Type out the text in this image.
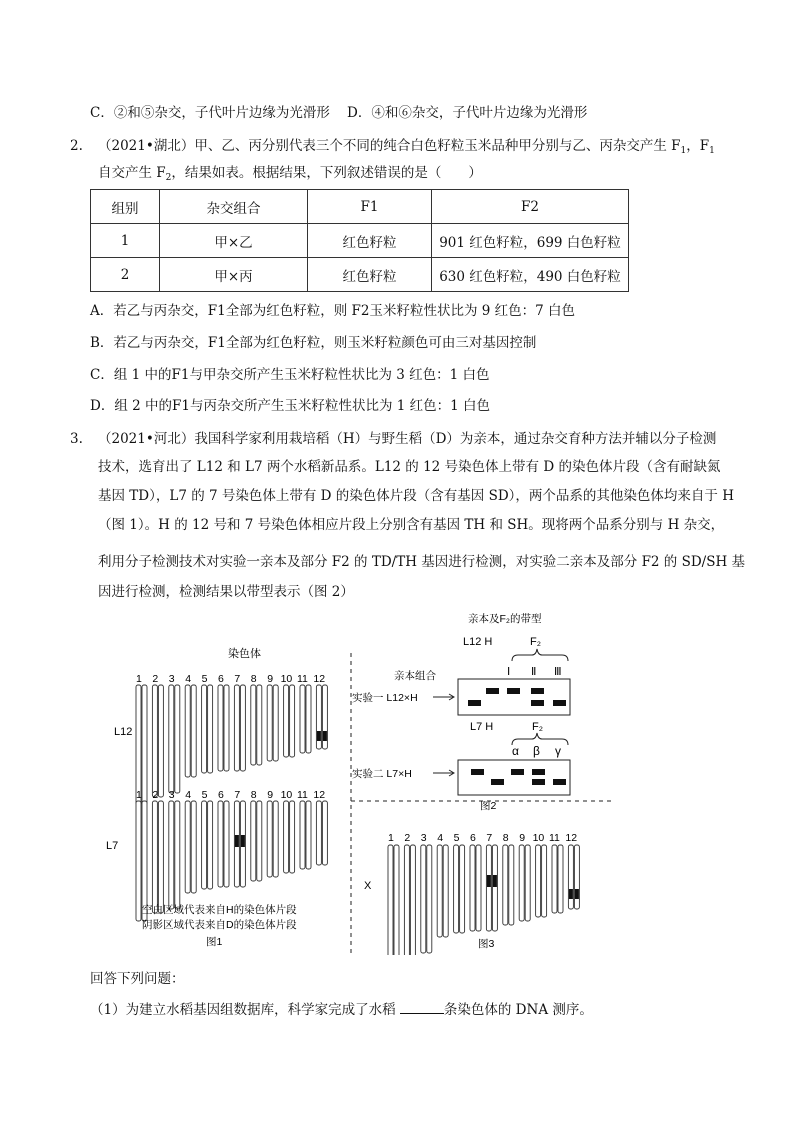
C．②和⑤杂交，子代叶片边缘为光滑形 D．④和⑥杂交，子代叶片边缘为光滑形
2. （2021•湖北）甲、乙、丙分别代表三个不同的纯合白色籽粒玉米品种甲分别与乙、丙杂交产生 $F_1$，$F_1$
自交产生 $F_2$，结果如表。根据结果，下列叙述错误的是（　　）
组别	杂交组合	F1	F2
1	甲×乙	红色籽粒	901 红色籽粒，699 白色籽粒
2	甲×丙	红色籽粒	630 红色籽粒，490 白色籽粒
A．若乙与丙杂交，F1全部为红色籽粒，则 F2玉米籽粒性状比为 9 红色：7 白色
B．若乙与丙杂交，F1全部为红色籽粒，则玉米籽粒颜色可由三对基因控制
C．组 1 中的F1与甲杂交所产生玉米籽粒性状比为 3 红色：1 白色
D．组 2 中的F1与丙杂交所产生玉米籽粒性状比为 1 红色：1 白色
3. （2021•河北）我国科学家利用栽培稻（H）与野生稻（D）为亲本，通过杂交育种方法并辅以分子检测
技术，选育出了 L12 和 L7 两个水稻新品系。L12 的 12 号染色体上带有 D 的染色体片段（含有耐缺氮
基因 TD），L7 的 7 号染色体上带有 D 的染色体片段（含有基因 SD），两个品系的其他染色体均来自于 H
（图 1）。H 的 12 号和 7 号染色体相应片段上分别含有基因 TH 和 SH。现将两个品系分别与 H 杂交，
利用分子检测技术对实验一亲本及部分 F2 的 TD/TH 基因进行检测，对实验二亲本及部分 F2 的 SD/SH 基
因进行检测，检测结果以带型表示（图 2）
染色体
1 2 3 4 5 6 7 8 9 10 11 12
L12
1 2 3 4 5 6 7 8 9 10 11 12
L7
空白区域代表来自H的染色体片段
阴影区域代表来自D的染色体片段
图1
亲本及F₂的带型
L12 H	F₂
Ⅰ Ⅱ Ⅲ
亲本组合
实验一 L12×H
L7 H	F₂
α β γ
实验二 L7×H
图2
1 2 3 4 5 6 7 8 9 10 11 12
X
图3
回答下列问题：
（1）为建立水稻基因组数据库，科学家完成了水稻	条染色体的 DNA 测序。
